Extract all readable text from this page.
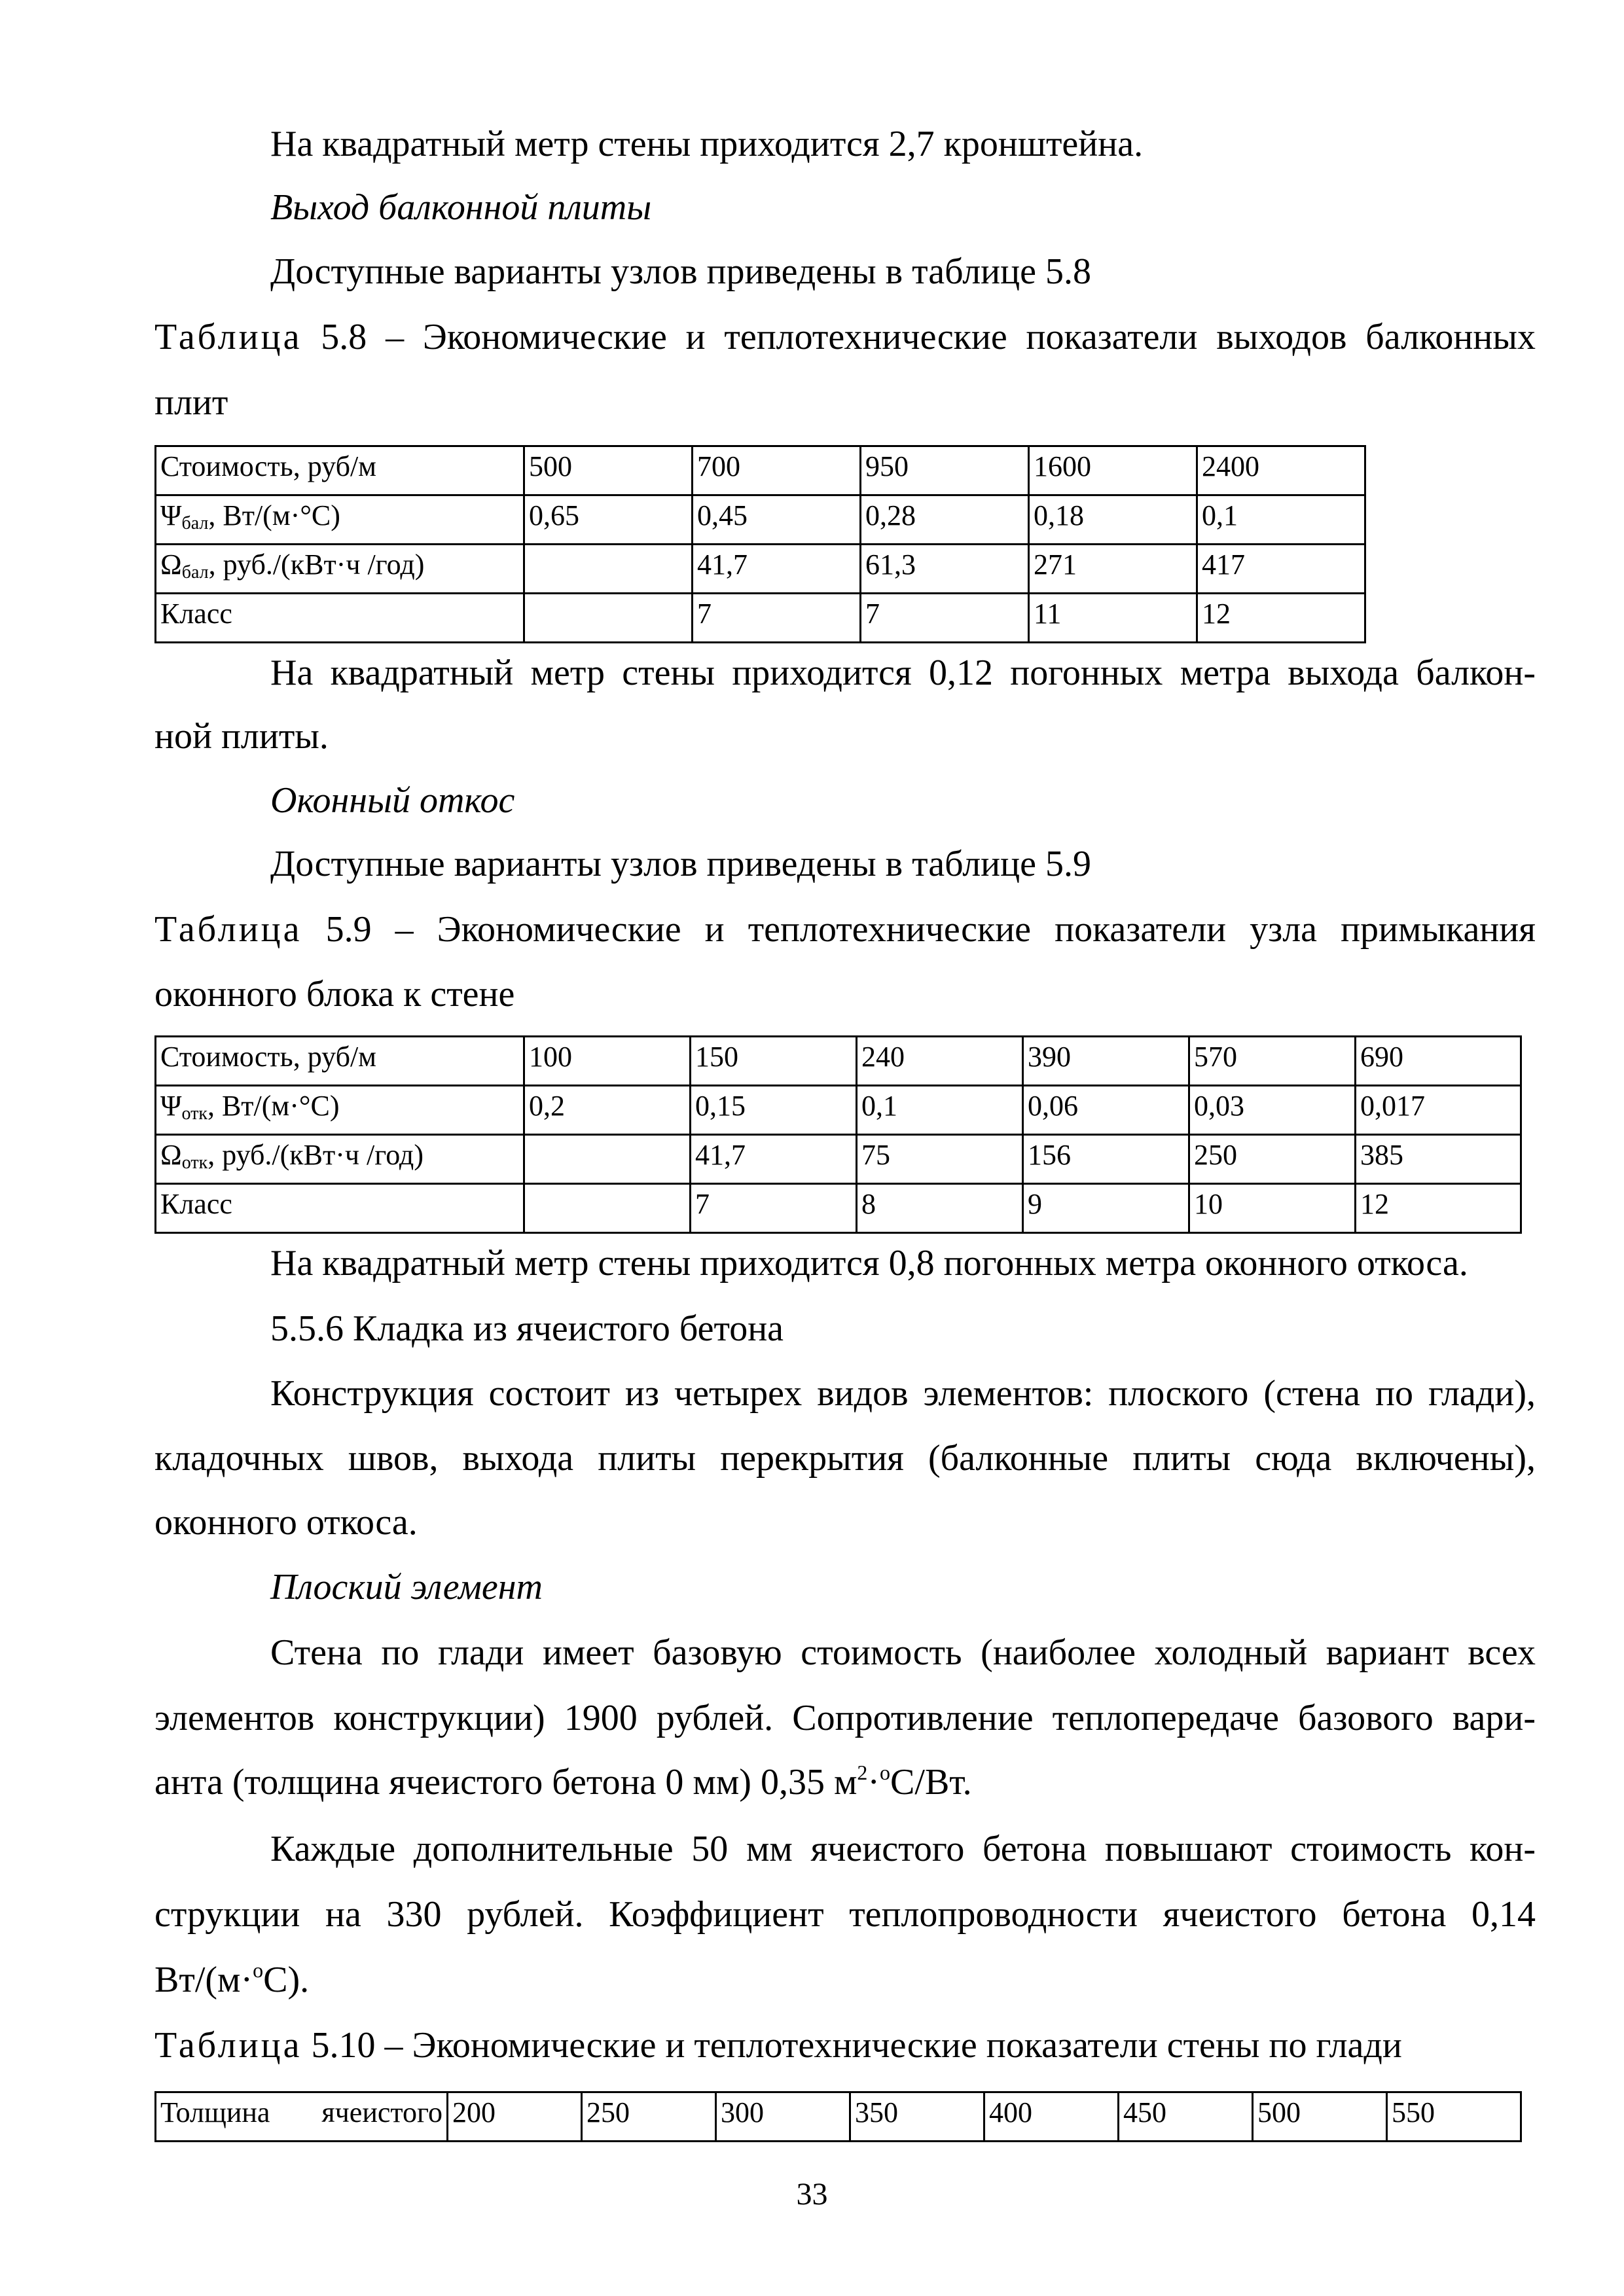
На квадратный метр стены приходится 2,7 кронштейна.
Выход балконной плиты
Доступные варианты узлов приведены в таблице 5.8
Таблица 5.8 – Экономические и теплотехнические показатели выходов балконных
плит
Стоимость, руб/м	500	700	950	1600	2400
$\Psi_{бал}$, Вт/(м·°С)	0,65	0,45	0,28	0,18	0,1
$\Omega_{бал}$, руб./(кВт·ч /год)		41,7	61,3	271	417
Класс		7	7	11	12
На квадратный метр стены приходится 0,12 погонных метра выхода балкон-
ной плиты.
Оконный откос
Доступные варианты узлов приведены в таблице 5.9
Таблица 5.9 – Экономические и теплотехнические показатели узла примыкания
оконного блока к стене
Стоимость, руб/м	100	150	240	390	570	690
$\Psi_{отк}$, Вт/(м·°С)	0,2	0,15	0,1	0,06	0,03	0,017
$\Omega_{отк}$, руб./(кВт·ч /год)		41,7	75	156	250	385
Класс		7	8	9	10	12
На квадратный метр стены приходится 0,8 погонных метра оконного откоса.
5.5.6 Кладка из ячеистого бетона
Конструкция состоит из четырех видов элементов: плоского (стена по глади),
кладочных швов, выхода плиты перекрытия (балконные плиты сюда включены),
оконного откоса.
Плоский элемент
Стена по глади имеет базовую стоимость (наиболее холодный вариант всех
элементов конструкции) 1900 рублей. Сопротивление теплопередаче базового вари-
анта (толщина ячеистого бетона 0 мм) 0,35 $м^2\cdot^оС/Вт$.
Каждые дополнительные 50 мм ячеистого бетона повышают стоимость кон-
струкции на 330 рублей. Коэффициент теплопроводности ячеистого бетона 0,14
Вт/(м·$^о$С).
Таблица 5.10 – Экономические и теплотехнические показатели стены по глади
Толщина ячеистого	200	250	300	350	400	450	500	550
33
